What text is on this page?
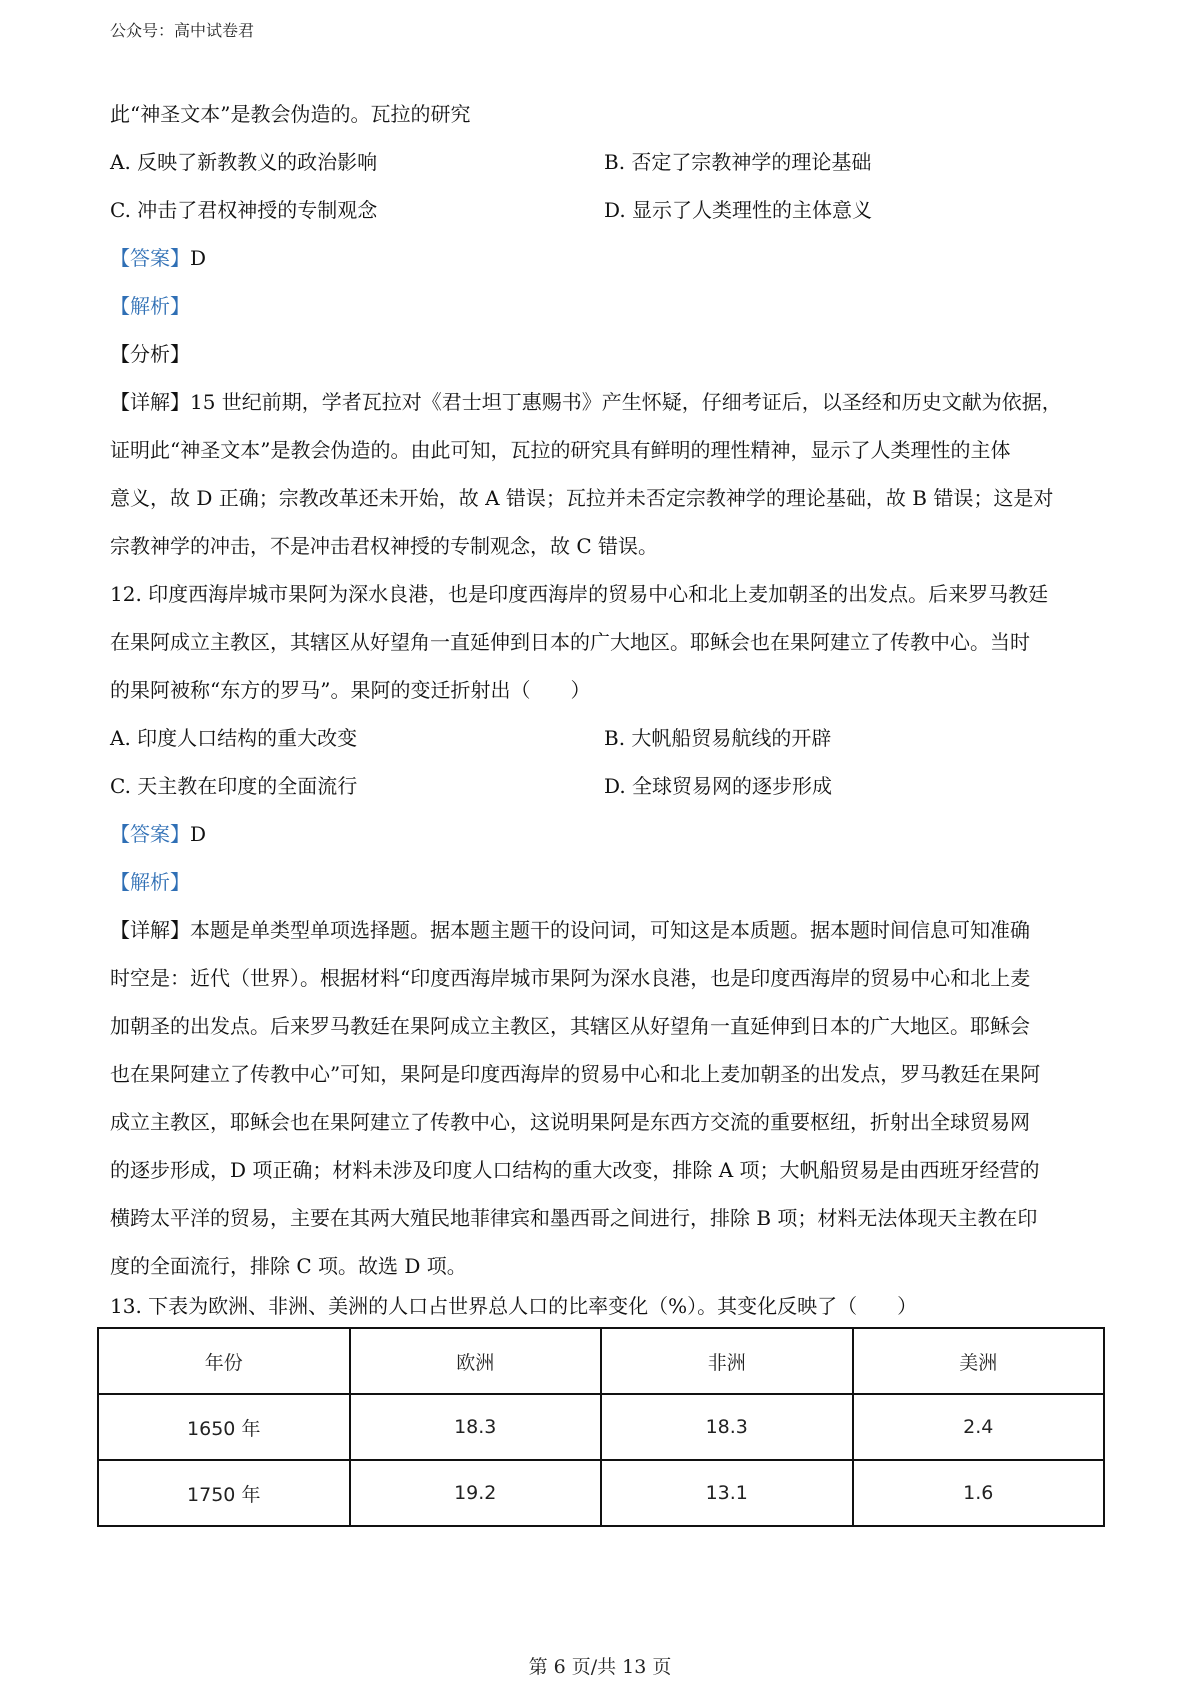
公众号：高中试卷君
此“神圣文本”是教会伪造的。瓦拉的研究
A. 反映了新教教义的政治影响	B. 否定了宗教神学的理论基础
C. 冲击了君权神授的专制观念	D. 显示了人类理性的主体意义
【答案】D
【解析】
【分析】
【详解】15 世纪前期，学者瓦拉对《君士坦丁惠赐书》产生怀疑，仔细考证后，以圣经和历史文献为依据，
证明此“神圣文本”是教会伪造的。由此可知，瓦拉的研究具有鲜明的理性精神，显示了人类理性的主体
意义，故 D 正确；宗教改革还未开始，故 A 错误；瓦拉并未否定宗教神学的理论基础，故 B 错误；这是对
宗教神学的冲击，不是冲击君权神授的专制观念，故 C 错误。
12. 印度西海岸城市果阿为深水良港，也是印度西海岸的贸易中心和北上麦加朝圣的出发点。后来罗马教廷
在果阿成立主教区，其辖区从好望角一直延伸到日本的广大地区。耶稣会也在果阿建立了传教中心。当时
的果阿被称“东方的罗马”。果阿的变迁折射出（　　）
A. 印度人口结构的重大改变	B. 大帆船贸易航线的开辟
C. 天主教在印度的全面流行	D. 全球贸易网的逐步形成
【答案】D
【解析】
【详解】本题是单类型单项选择题。据本题主题干的设问词，可知这是本质题。据本题时间信息可知准确
时空是：近代（世界）。根据材料“印度西海岸城市果阿为深水良港，也是印度西海岸的贸易中心和北上麦
加朝圣的出发点。后来罗马教廷在果阿成立主教区，其辖区从好望角一直延伸到日本的广大地区。耶稣会
也在果阿建立了传教中心”可知，果阿是印度西海岸的贸易中心和北上麦加朝圣的出发点，罗马教廷在果阿
成立主教区，耶稣会也在果阿建立了传教中心，这说明果阿是东西方交流的重要枢纽，折射出全球贸易网
的逐步形成，D 项正确；材料未涉及印度人口结构的重大改变，排除 A 项；大帆船贸易是由西班牙经营的
横跨太平洋的贸易，主要在其两大殖民地菲律宾和墨西哥之间进行，排除 B 项；材料无法体现天主教在印
度的全面流行，排除 C 项。故选 D 项。
13. 下表为欧洲、非洲、美洲的人口占世界总人口的比率变化（%）。其变化反映了（　　）
年份	欧洲	非洲	美洲
1650 年	18.3	18.3	2.4
1750 年	19.2	13.1	1.6
第 6 页/共 13 页
